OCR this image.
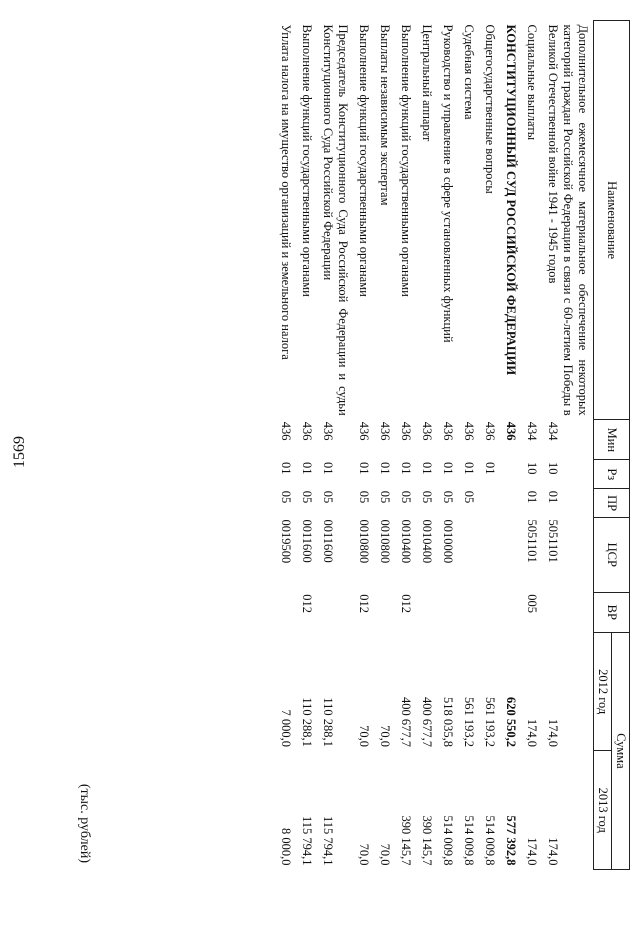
1569
(тыс. рублей)
Наименование	Мин	Рз	ПР	ЦСР	ВР	Сумма	
						2012 год	2013 год
Дополнительное ежемесячное материальное обеспечение некоторых категорий граждан Российской Федерации в связи с 60-летием Победы в Великой Отечественной войне 1941 - 1945 годов	434	10	01	5051101		174,0	174,0
Социальные выплаты	434	10	01	5051101	005	174,0	174,0
КОНСТИТУЦИОННЫЙ СУД РОССИЙСКОЙ ФЕДЕРАЦИИ	436					620 550,2	577 392,8
Общегосударственные вопросы	436	01				561 193,2	514 009,8
Судебная система	436	01	05			561 193,2	514 009,8
Руководство и управление в сфере установленных функций	436	01	05	0010000		518 035,8	514 009,8
Центральный аппарат	436	01	05	0010400		400 677,7	390 145,7
Выполнение функций государственными органами	436	01	05	0010400	012	400 677,7	390 145,7
Выплаты независимым экспертам	436	01	05	0010800		70,0	70,0
Выполнение функций государственными органами	436	01	05	0010800	012	70,0	70,0
Председатель Конституционного Суда Российской Федерации и судьи Конституционного Суда Российской Федерации	436	01	05	0011600		110 288,1	115 794,1
Выполнение функций государственными органами	436	01	05	0011600	012	110 288,1	115 794,1
Уплата налога на имущество организаций и земельного налога	436	01	05	0019500		7 000,0	8 000,0
